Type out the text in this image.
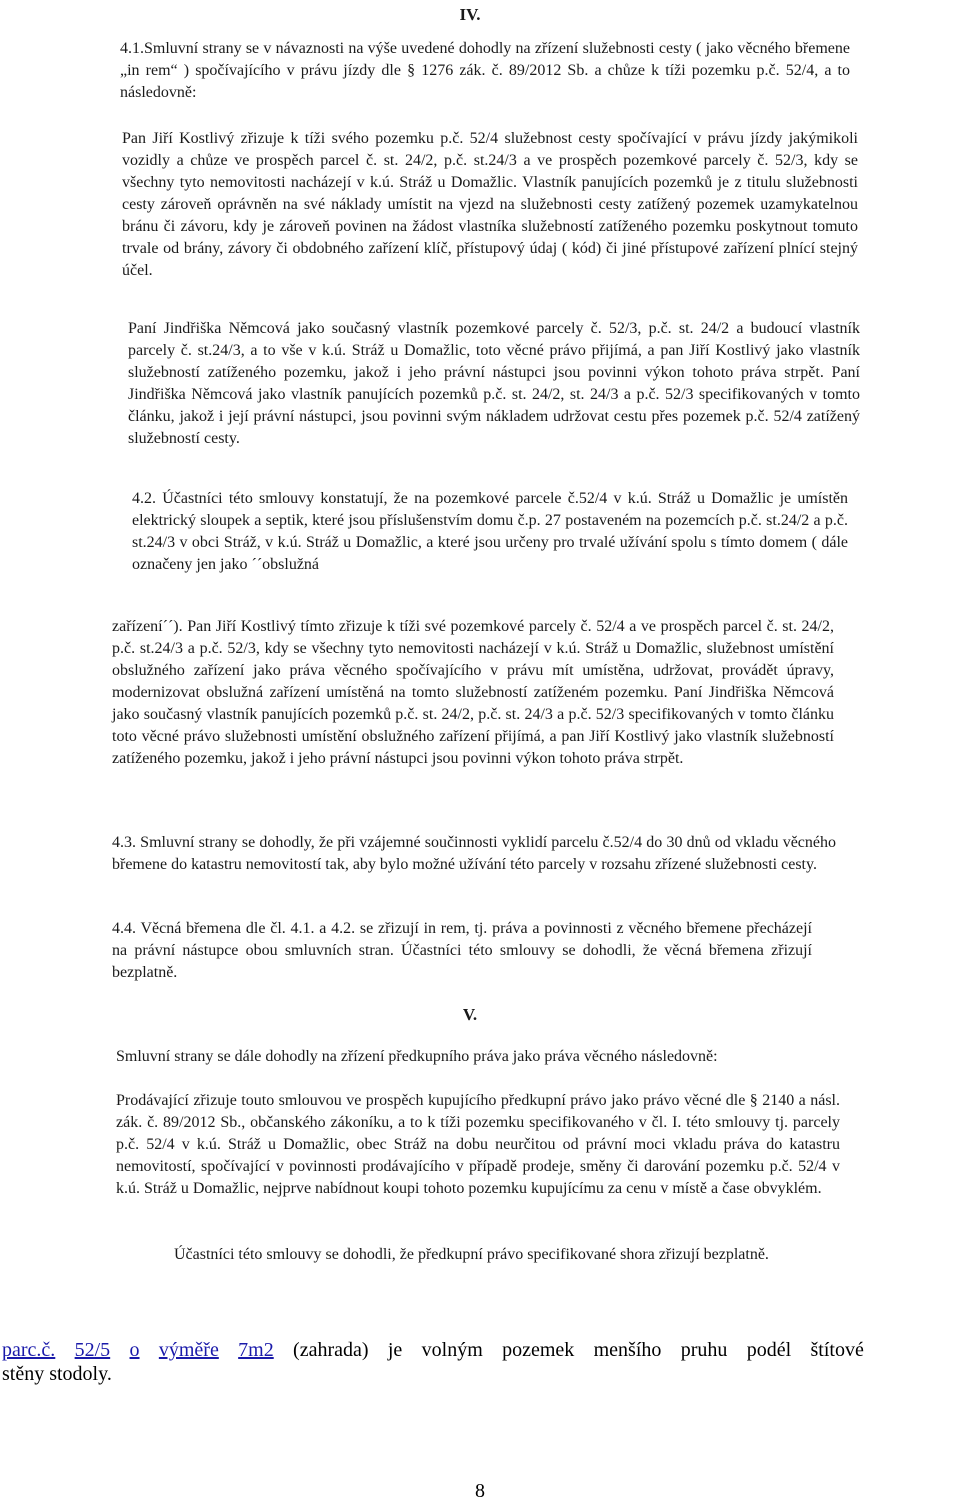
IV.

4.1.Smluvní strany se v návaznosti na výše uvedené dohodly na zřízení služebnosti cesty ( jako věcného břemene „in rem“ ) spočívajícího v právu jízdy dle § 1276 zák. č. 89/2012 Sb. a chůze k tíži pozemku p.č. 52/4, a to následovně:

Pan Jiří Kostlivý zřizuje k tíži svého pozemku p.č. 52/4 služebnost cesty spočívající v právu jízdy jakýmikoli vozidly a chůze ve prospěch parcel č. st. 24/2, p.č. st.24/3 a ve prospěch pozemkové parcely č. 52/3, kdy se všechny tyto nemovitosti nacházejí v k.ú. Stráž u Domažlic. Vlastník panujících pozemků je z titulu služebnosti cesty zároveň oprávněn na své náklady umístit na vjezd na služebnosti cesty zatížený pozemek uzamykatelnou bránu či závoru, kdy je zároveň povinen na žádost vlastníka služebností zatíženého pozemku poskytnout tomuto trvale od brány, závory či obdobného zařízení klíč, přístupový údaj ( kód) či jiné přístupové zařízení plnící stejný účel.

Paní Jindřiška Němcová jako současný vlastník pozemkové parcely č. 52/3, p.č. st. 24/2 a budoucí vlastník parcely č. st.24/3, a to vše v k.ú. Stráž u Domažlic, toto věcné právo přijímá, a pan Jiří Kostlivý jako vlastník služebností zatíženého pozemku, jakož i jeho právní nástupci jsou povinni výkon tohoto práva strpět. Paní Jindřiška Němcová jako vlastník panujících pozemků p.č. st. 24/2, st. 24/3 a p.č. 52/3 specifikovaných v tomto článku, jakož i její právní nástupci, jsou povinni svým nákladem udržovat cestu přes pozemek p.č. 52/4 zatížený služebností cesty.

4.2. Účastníci této smlouvy konstatují, že na pozemkové parcele č.52/4 v k.ú. Stráž u Domažlic je umístěn elektrický sloupek a septik, které jsou příslušenstvím domu č.p. 27 postaveném na pozemcích p.č. st.24/2 a p.č. st.24/3 v obci Stráž, v k.ú. Stráž u Domažlic, a které jsou určeny pro trvalé užívání spolu s tímto domem ( dále označeny jen jako ´´obslužná

zařízení´´). Pan Jiří Kostlivý tímto zřizuje k tíži své pozemkové parcely č. 52/4 a ve prospěch parcel č. st. 24/2, p.č. st.24/3 a p.č. 52/3, kdy se všechny tyto nemovitosti nacházejí v k.ú. Stráž u Domažlic, služebnost umístění obslužného zařízení jako práva věcného spočívajícího v právu mít umístěna, udržovat, provádět úpravy, modernizovat obslužná zařízení umístěná na tomto služebností zatíženém pozemku. Paní Jindřiška Němcová jako současný vlastník panujících pozemků p.č. st. 24/2, p.č. st. 24/3 a p.č. 52/3 specifikovaných v tomto článku toto věcné právo služebnosti umístění obslužného zařízení přijímá, a pan Jiří Kostlivý jako vlastník služebností zatíženého pozemku, jakož i jeho právní nástupci jsou povinni výkon tohoto práva strpět.

4.3. Smluvní strany se dohodly, že při vzájemné součinnosti vyklidí parcelu č.52/4 do 30 dnů od vkladu věcného břemene do katastru nemovitostí tak, aby bylo možné užívání této parcely v rozsahu zřízené služebnosti cesty.

4.4. Věcná břemena dle čl. 4.1. a 4.2. se zřizují in rem, tj. práva a povinnosti z věcného břemene přecházejí na právní nástupce obou smluvních stran. Účastníci této smlouvy se dohodli, že věcná břemena zřizují bezplatně.

V.

Smluvní strany se dále dohodly na zřízení předkupního práva jako práva věcného následovně:

Prodávající zřizuje touto smlouvou ve prospěch kupujícího předkupní právo jako právo věcné dle § 2140 a násl. zák. č. 89/2012 Sb., občanského zákoníku, a to k tíži pozemku specifikovaného v čl. I. této smlouvy tj. parcely p.č. 52/4 v k.ú. Stráž u Domažlic, obec Stráž na dobu neurčitou od právní moci vkladu práva do katastru nemovitostí, spočívající v povinnosti prodávajícího v případě prodeje, směny či darování pozemku p.č. 52/4 v k.ú. Stráž u Domažlic, nejprve nabídnout koupi tohoto pozemku kupujícímu za cenu v místě a čase obvyklém.

Účastníci této smlouvy se dohodli, že předkupní právo specifikované shora zřizují bezplatně.

parc.č. 52/5 o výměře 7m2 (zahrada) je volným pozemek menšího pruhu podél štítové
stěny stodoly.
8
